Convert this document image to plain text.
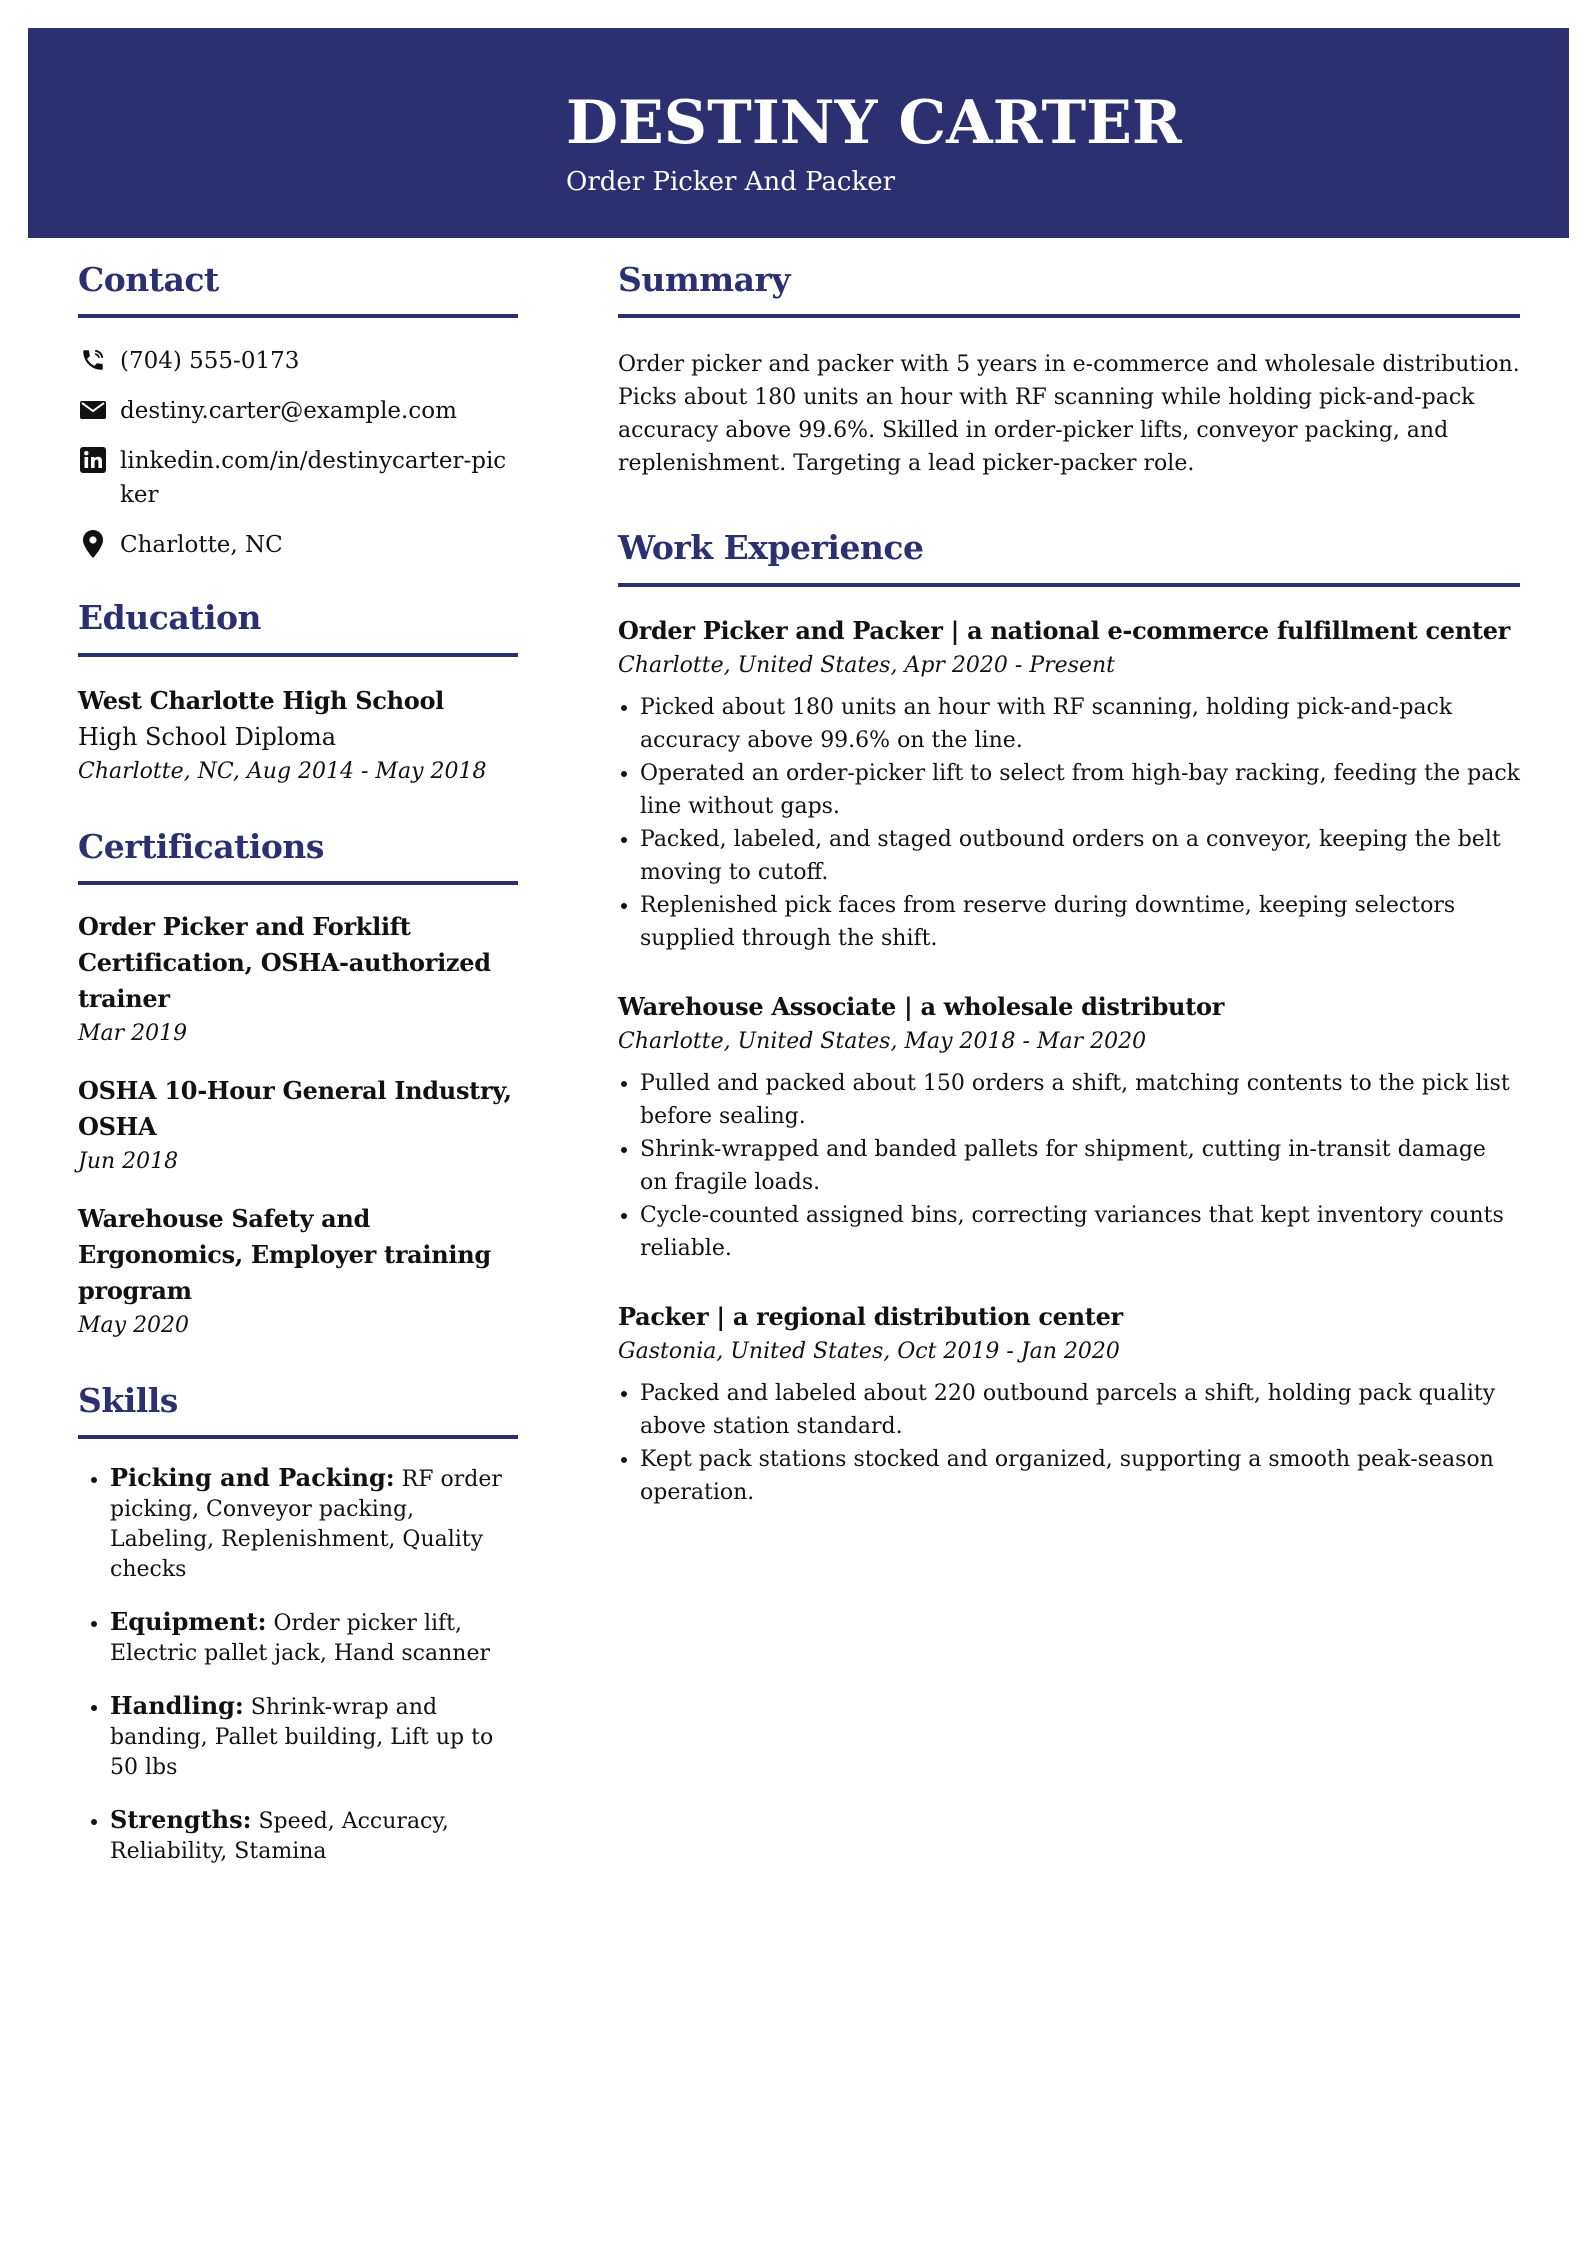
DESTINY CARTER
Order Picker And Packer
Contact
(704) 555-0173
destiny.carter@example.com
linkedin.com/in/destinycarter-picker
Charlotte, NC
Education
West Charlotte High School
High School Diploma
Charlotte, NC, Aug 2014 - May 2018
Certifications
Order Picker and Forklift Certification, OSHA-authorized trainer
Mar 2019
OSHA 10-Hour General Industry, OSHA
Jun 2018
Warehouse Safety and Ergonomics, Employer training program
May 2020
Skills
• Picking and Packing: RF order picking, Conveyor packing, Labeling, Replenishment, Quality checks
• Equipment: Order picker lift, Electric pallet jack, Hand scanner
• Handling: Shrink-wrap and banding, Pallet building, Lift up to 50 lbs
• Strengths: Speed, Accuracy, Reliability, Stamina
Summary

Order picker and packer with 5 years in e-commerce and wholesale distribution. Picks about 180 units an hour with RF scanning while holding pick-and-pack accuracy above 99.6%. Skilled in order-picker lifts, conveyor packing, and replenishment. Targeting a lead picker-packer role.

Work Experience
Order Picker and Packer | a national e-commerce fulfillment center
Charlotte, United States, Apr 2020 - Present
• Picked about 180 units an hour with RF scanning, holding pick-and-pack accuracy above 99.6% on the line.
• Operated an order-picker lift to select from high-bay racking, feeding the pack line without gaps.
• Packed, labeled, and staged outbound orders on a conveyor, keeping the belt moving to cutoff.
• Replenished pick faces from reserve during downtime, keeping selectors supplied through the shift.
Warehouse Associate | a wholesale distributor
Charlotte, United States, May 2018 - Mar 2020
• Pulled and packed about 150 orders a shift, matching contents to the pick list before sealing.
• Shrink-wrapped and banded pallets for shipment, cutting in-transit damage on fragile loads.
• Cycle-counted assigned bins, correcting variances that kept inventory counts reliable.
Packer | a regional distribution center
Gastonia, United States, Oct 2019 - Jan 2020
• Packed and labeled about 220 outbound parcels a shift, holding pack quality above station standard.
• Kept pack stations stocked and organized, supporting a smooth peak-season operation.
